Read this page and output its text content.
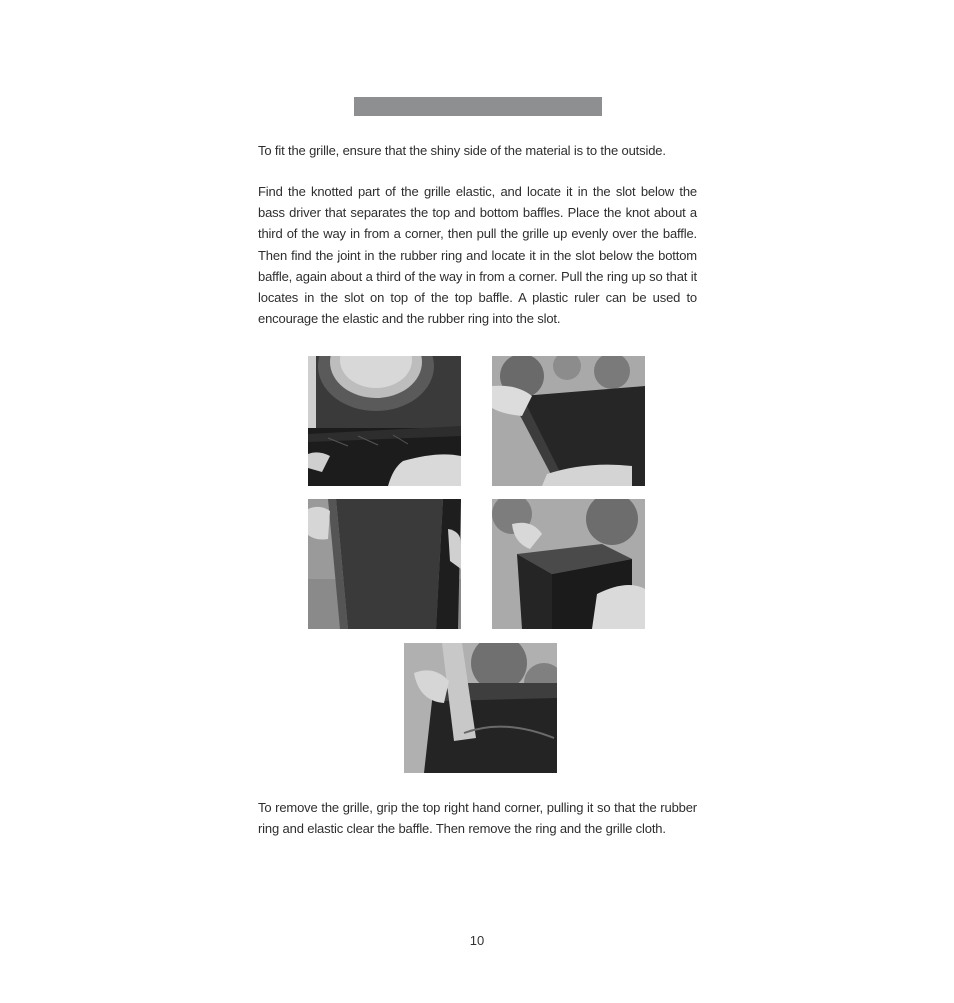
To fit the grille, ensure that the shiny side of the material is to the outside.

Find the knotted part of the grille elastic, and locate it in the slot below the bass driver that separates the top and bottom baffles. Place the knot about a third of the way in from a corner, then pull the grille up evenly over the baffle. Then find the joint in the rubber ring and locate it in the slot below the bottom baffle, again about a third of the way in from a corner. Pull the ring up so that it locates in the slot on top of the top baffle. A plastic ruler can be used to encourage the elastic and the rubber ring into the slot.

To remove the grille, grip the top right hand corner, pulling it so that the rubber ring and elastic clear the baffle. Then remove the ring and the grille cloth.

10
